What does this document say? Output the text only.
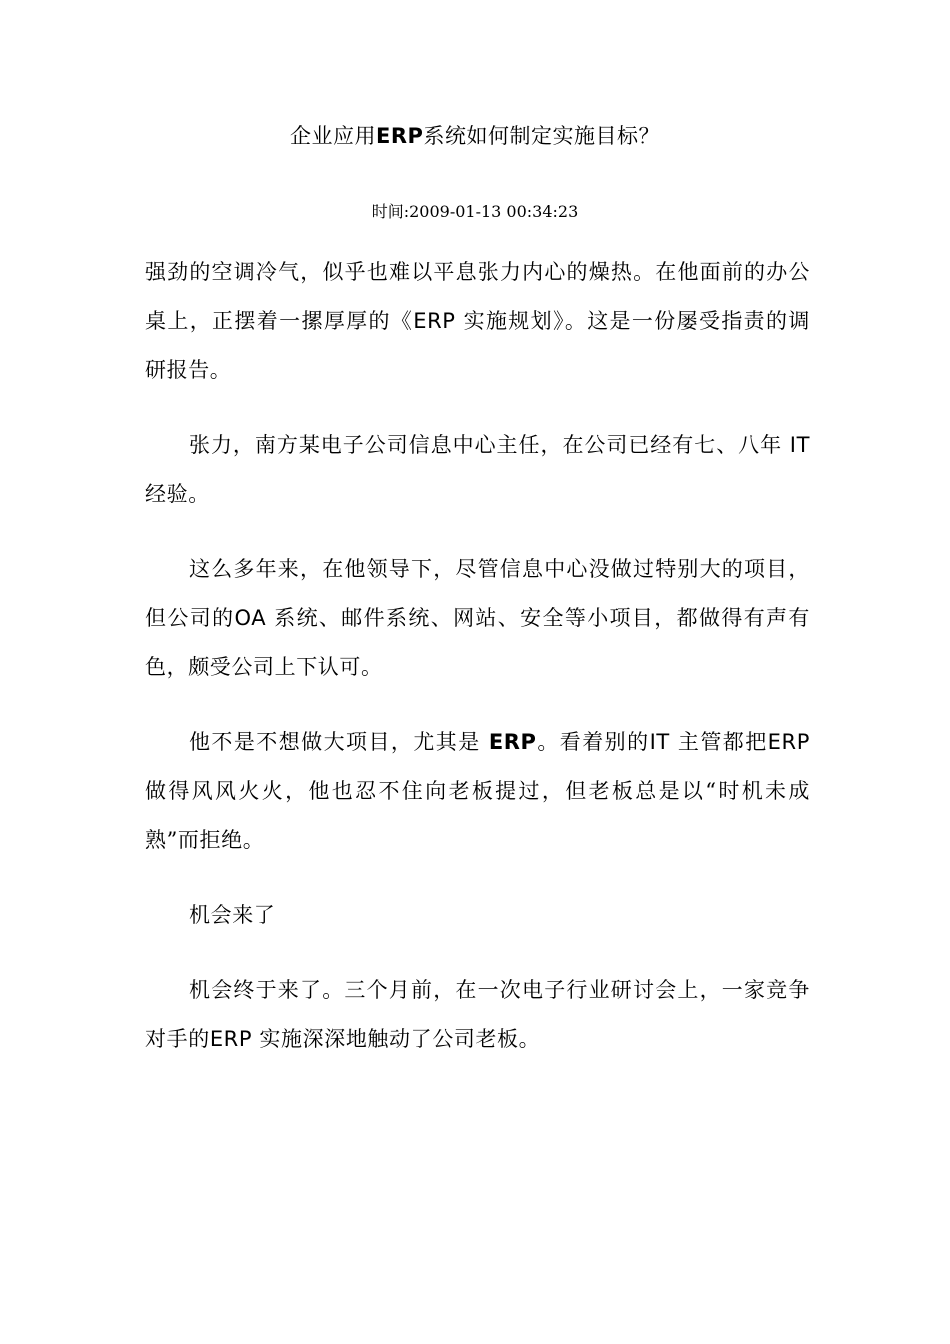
企业应用ERP系统如何制定实施目标？
时间:2009-01-13 00:34:23

强劲的空调冷气，似乎也难以平息张力内心的燥热。在他面前的办公桌上，正摆着一摞厚厚的《ERP 实施规划》。这是一份屡受指责的调研报告。

张力，南方某电子公司信息中心主任，在公司已经有七、八年 IT经验。

这么多年来，在他领导下，尽管信息中心没做过特别大的项目，但公司的OA 系统、邮件系统、网站、安全等小项目，都做得有声有色，颇受公司上下认可。

他不是不想做大项目，尤其是 ERP。看着别的IT 主管都把ERP做得风风火火，他也忍不住向老板提过，但老板总是以“时机未成熟”而拒绝。

机会来了

机会终于来了。三个月前，在一次电子行业研讨会上，一家竞争对手的ERP 实施深深地触动了公司老板。
